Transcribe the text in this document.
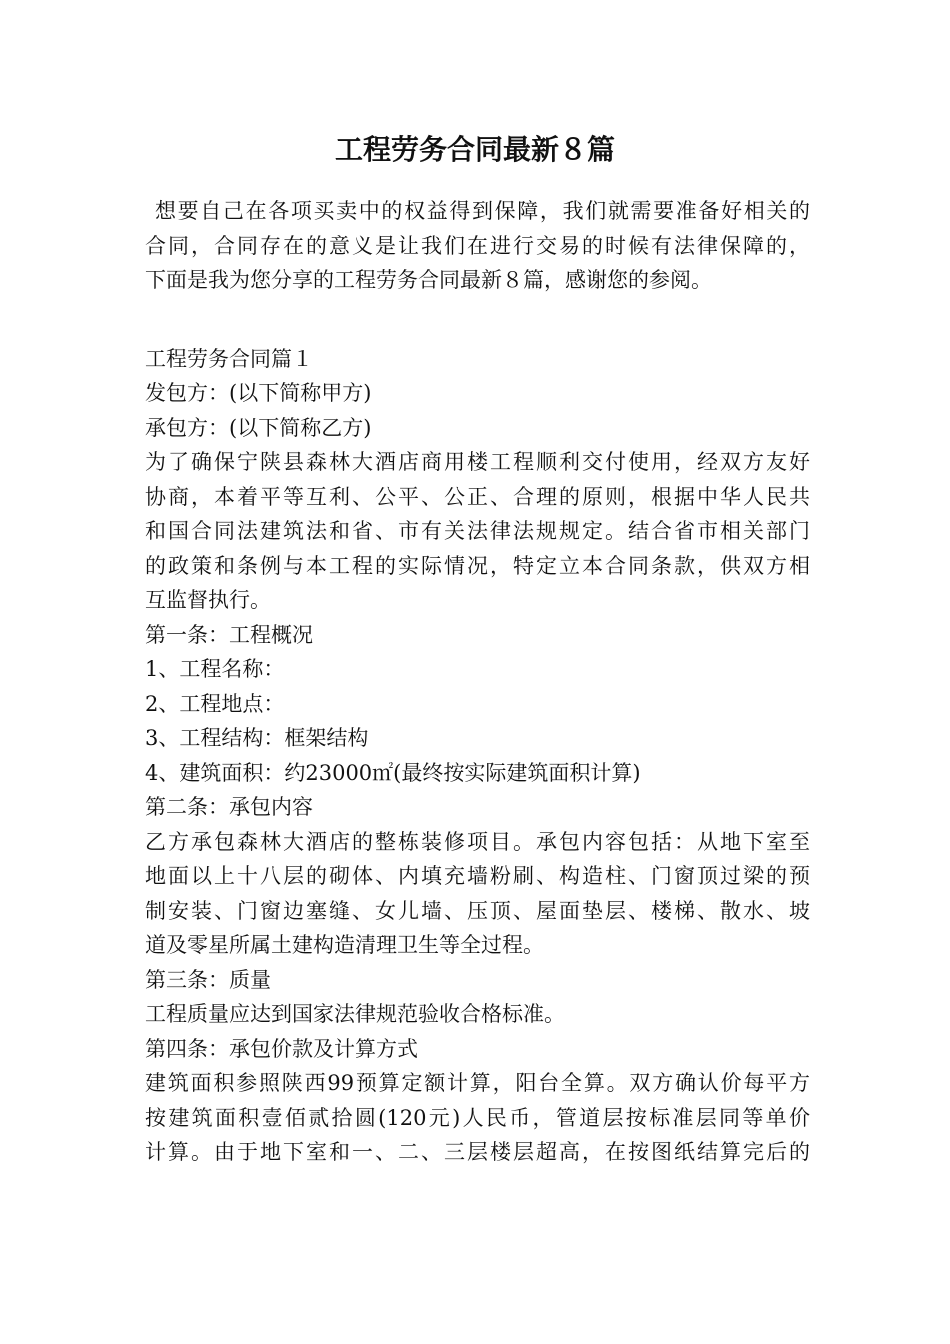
工程劳务合同最新８篇
想要自己在各项买卖中的权益得到保障，我们就需要准备好相关的
合同，合同存在的意义是让我们在进行交易的时候有法律保障的，
下面是我为您分享的工程劳务合同最新８篇，感谢您的参阅。
工程劳务合同篇１
发包方：(以下简称甲方)
承包方：(以下简称乙方)
为了确保宁陕县森林大酒店商用楼工程顺利交付使用，经双方友好
协商，本着平等互利、公平、公正、合理的原则，根据中华人民共
和国合同法建筑法和省、市有关法律法规规定。结合省市相关部门
的政策和条例与本工程的实际情况，特定立本合同条款，供双方相
互监督执行。
第一条：工程概况
1、工程名称：
2、工程地点：
3、工程结构：框架结构
4、建筑面积：约23000㎡(最终按实际建筑面积计算)
第二条：承包内容
乙方承包森林大酒店的整栋装修项目。承包内容包括：从地下室至
地面以上十八层的砌体、内填充墙粉刷、构造柱、门窗顶过梁的预
制安装、门窗边塞缝、女儿墙、压顶、屋面垫层、楼梯、散水、坡
道及零星所属土建构造清理卫生等全过程。
第三条：质量
工程质量应达到国家法律规范验收合格标准。
第四条：承包价款及计算方式
建筑面积参照陕西99预算定额计算，阳台全算。双方确认价每平方
按建筑面积壹佰贰拾圆(120元)人民币，管道层按标准层同等单价
计算。由于地下室和一、二、三层楼层超高，在按图纸结算完后的
